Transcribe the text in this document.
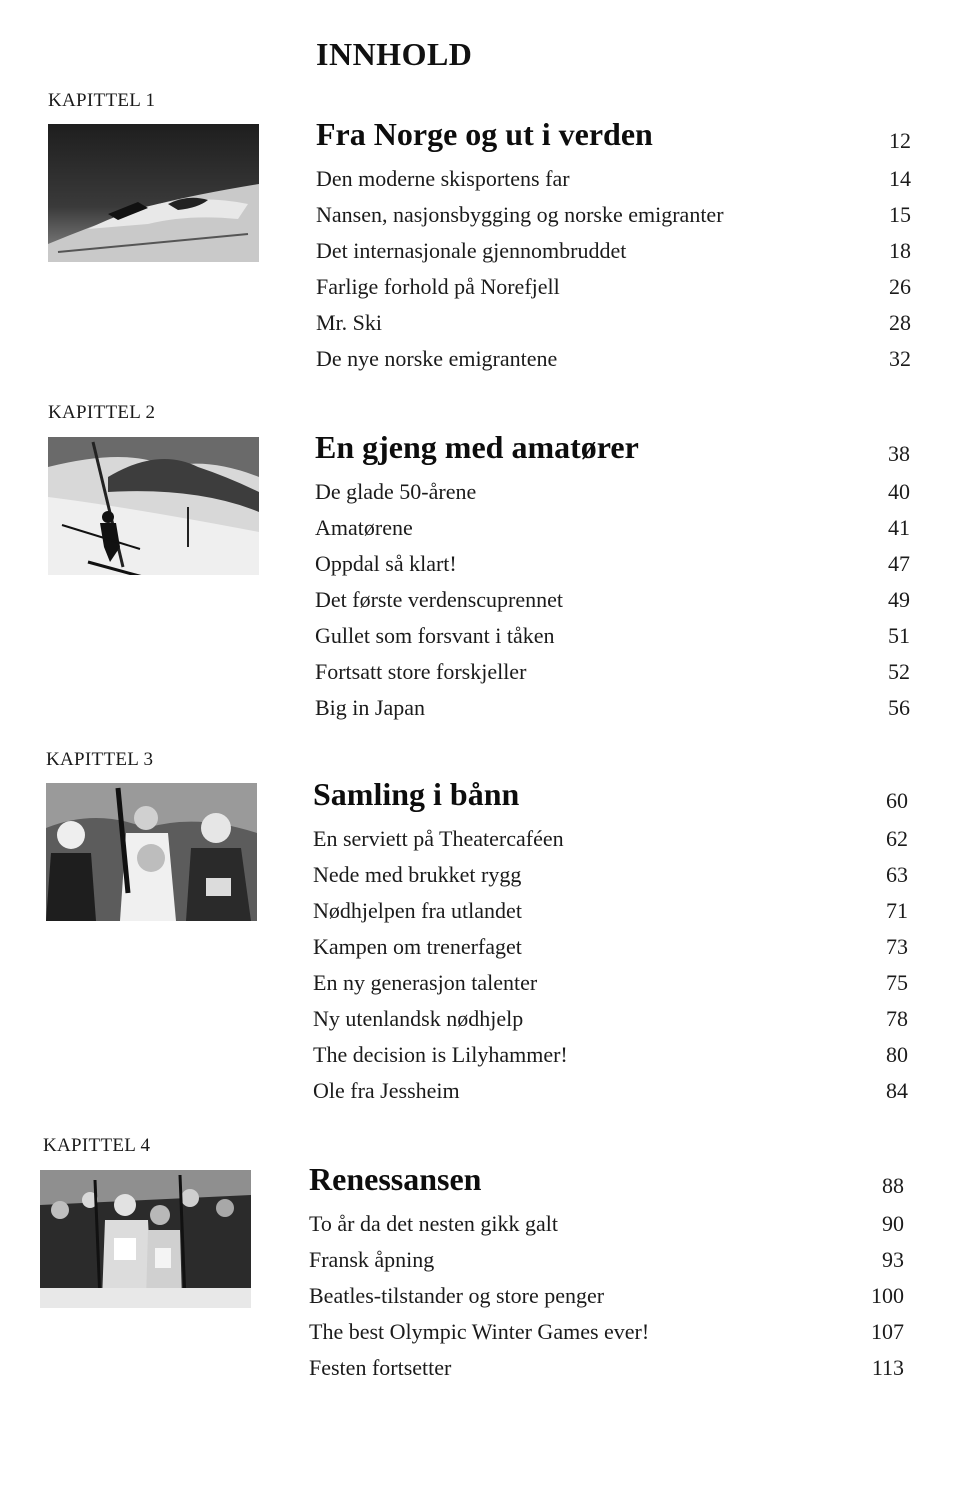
INNHOLD
KAPITTEL 1
Fra Norge og ut i verden	12
Den moderne skisportens far	14
Nansen, nasjonsbygging og norske emigranter	15
Det internasjonale gjennombruddet	18
Farlige forhold på Norefjell	26
Mr. Ski	28
De nye norske emigrantene	32
KAPITTEL 2
En gjeng med amatører	38
De glade 50-årene	40
Amatørene	41
Oppdal så klart!	47
Det første verdenscuprennet	49
Gullet som forsvant i tåken	51
Fortsatt store forskjeller	52
Big in Japan	56
KAPITTEL 3
Samling i bånn	60
En serviett på Theatercaféen	62
Nede med brukket rygg	63
Nødhjelpen fra utlandet	71
Kampen om trenerfaget	73
En ny generasjon talenter	75
Ny utenlandsk nødhjelp	78
The decision is Lilyhammer!	80
Ole fra Jessheim	84
KAPITTEL 4
Renessansen	88
To år da det nesten gikk galt	90
Fransk åpning	93
Beatles-tilstander og store penger	100
The best Olympic Winter Games ever!	107
Festen fortsetter	113
